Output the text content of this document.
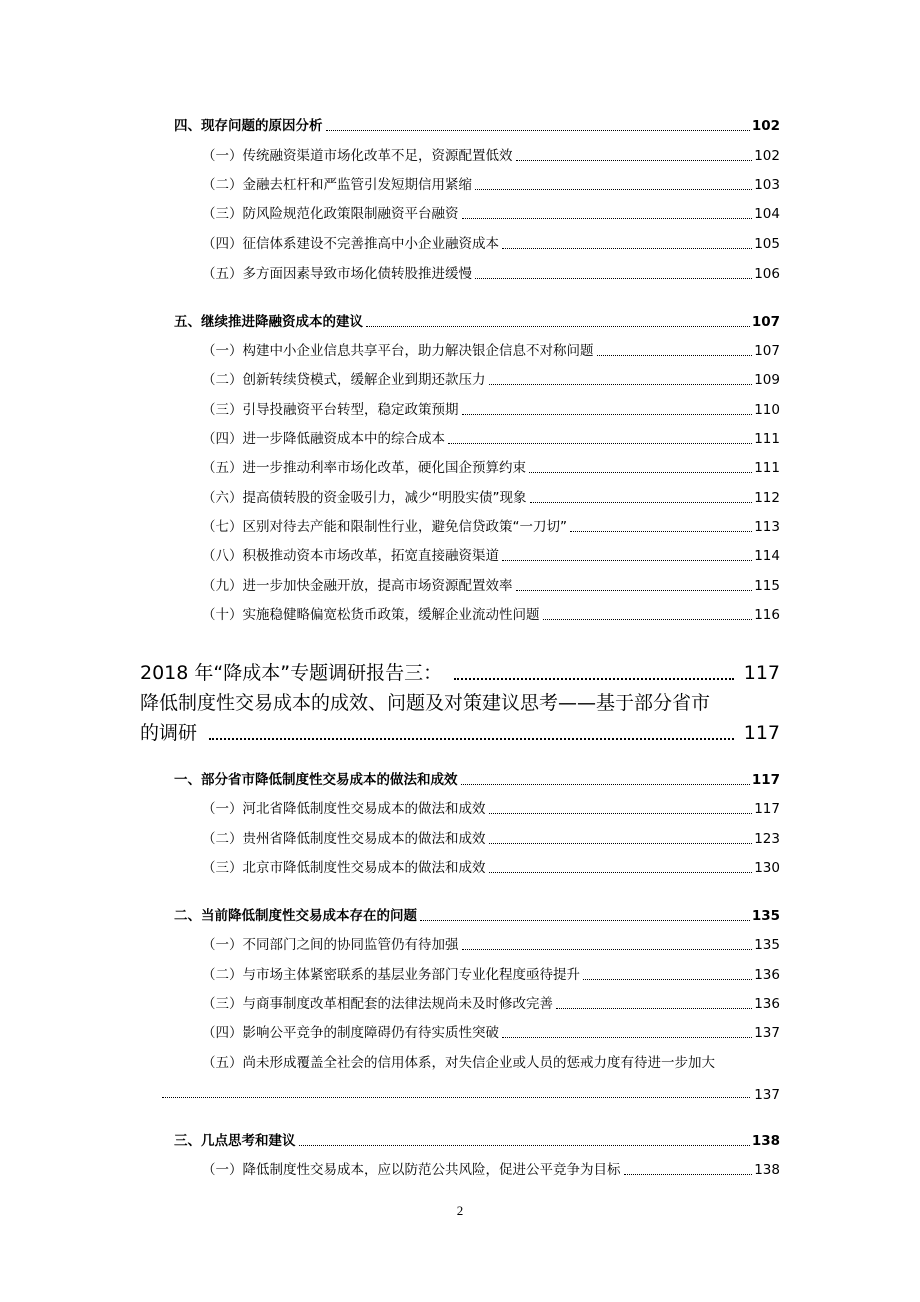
四、现存问题的原因分析	102
（一）传统融资渠道市场化改革不足，资源配置低效	102
（二）金融去杠杆和严监管引发短期信用紧缩	103
（三）防风险规范化政策限制融资平台融资	104
（四）征信体系建设不完善推高中小企业融资成本	105
（五）多方面因素导致市场化债转股推进缓慢	106
五、继续推进降融资成本的建议	107
（一）构建中小企业信息共享平台，助力解决银企信息不对称问题	107
（二）创新转续贷模式，缓解企业到期还款压力	109
（三）引导投融资平台转型，稳定政策预期	110
（四）进一步降低融资成本中的综合成本	111
（五）进一步推动利率市场化改革，硬化国企预算约束	111
（六）提高债转股的资金吸引力，减少“明股实债”现象	112
（七）区别对待去产能和限制性行业，避免信贷政策“一刀切”	113
（八）积极推动资本市场改革，拓宽直接融资渠道	114
（九）进一步加快金融开放，提高市场资源配置效率	115
（十）实施稳健略偏宽松货币政策，缓解企业流动性问题	116
2018 年“降成本”专题调研报告三：	117
降低制度性交易成本的成效、问题及对策建议思考——基于部分省市
的调研	117
一、部分省市降低制度性交易成本的做法和成效	117
（一）河北省降低制度性交易成本的做法和成效	117
（二）贵州省降低制度性交易成本的做法和成效	123
（三）北京市降低制度性交易成本的做法和成效	130
二、当前降低制度性交易成本存在的问题	135
（一）不同部门之间的协同监管仍有待加强	135
（二）与市场主体紧密联系的基层业务部门专业化程度亟待提升	136
（三）与商事制度改革相配套的法律法规尚未及时修改完善	136
（四）影响公平竞争的制度障碍仍有待实质性突破	137
（五）尚未形成覆盖全社会的信用体系，对失信企业或人员的惩戒力度有待进一步加大
137
三、几点思考和建议	138
（一）降低制度性交易成本，应以防范公共风险，促进公平竞争为目标	138
2
